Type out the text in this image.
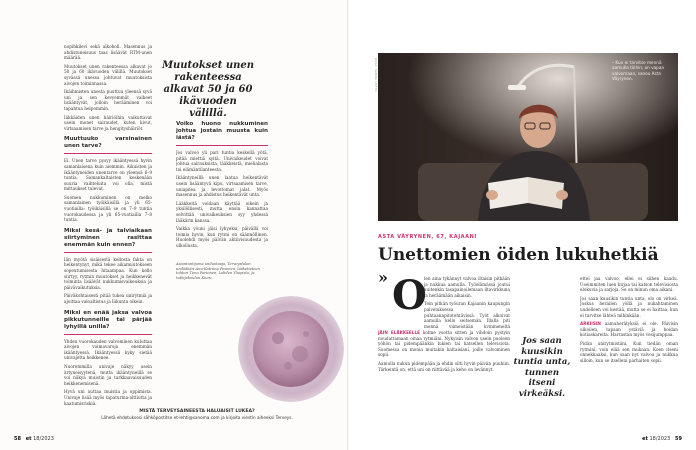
nopihkilevi sekä alkoholi. Masennus ja ahdistuneisuus taas lisäävät RTM-unen määrää.

Muutokset unen rakenteessa alkavat jo 50 ja 60 ikävuoden välillä. Muutokset syvässä unessa johtuvat muutoksista aivojen toiminnassa.

Ikäihmisten unesta puuttuu yleensä syvä uni ja sen kevyemmät vaiheet lisääntyvät, jolloin herääminen voi tapahtua helpommin.

Iäkkäiden unen häiriöihin vaikuttavat usein monet sairaudet, kuten kivut, virtsaamisen tarve ja hengityshäiriöt.

Muuttuuko varsinainen unen tarve?

Ei. Unen tarve pysyy ikääntyessä hyvin samanlaisena kuin aiemmin. Aikuisten ja ikääntyneiden unentarve on yleensä 6–9 tuntia. Samankaltaisten keskenään suuria vaihteluita voi olla, mistä mittaukset tulevat.

Suomen nukkuminen on melko samanlainen työikäisillä ja yli 65-vuotiailla: työikäisillä se on 7–9 tuntia vuorokaudessa ja yli 65-vuotiailla 7–8 tuntia.

Miksi kesä- ja talviaikaan siirtyminen rasittaa enemmän kuin ennen?

Iän myötä sisäisestä kellosta fakta on heikentynyt, mikä tekee aikamuutokseen sopeutumisesta hitaampaa. Kun kello siirtyy, rytmin muutokset ja heikkenevät toiminta lisäävät nukkumisvaikeuksia ja päivävaikutuksia.

Päiväkohtaisesti pitää tukea unirytmiä ja ajoittaa valoaltistus ja liikunta oikein.

Miksi en enää jaksa valvoa pikkutunneille tai pärjää lyhyillä unilla?

Yhden vuorokauden valvominen kuluttaa aivojen voimavaroja enemmän ikääntyessä. Ikääntyessä kyky sietää univajetta heikkenee.

Nuoremmilla univaje näkyy usein ärtyneisyytenä, mutta ikääntyneillä se voi näkyä muistin ja tarkkaavaisuuden heikkenemisenä.

Hyvä uni auttaa muistia ja oppimista. Univaje lisää myös tapaturma-alttiutta ja kaatumisriskiä.

Muutokset unen rakenteessa alkavat 50 ja 60 ikävuoden välillä.
Voiko huono nukkuminen johtua jostain muusta kuin iästä?

Jos valvoo yli pari tuntia keskellä yötä, pitää miettiä syitä. Univaikeudet voivat johtua sairauksista, lääkkeistä, mielialasta tai elämäntilanteesta.

Ikääntyneillä unen laatua heikentävät usein lisääntyvä kipu, virtsaamisen tarve, uniapnea ja levottomat jalat. Myös masennus ja ahdistus heikentävät unta.

Lääkkeitä voidaan käyttää oikein ja yksilöllisesti, mutta ensin kannattaa selvittää univaikeuksien syy yhdessä lääkärin kanssa.

Vaikka yöuni jäisi lyhyeksi, päivällä voi toimia hyvin, kun rytmi on säännöllinen. Huolehdi myös päivän aktiivisuudesta ja ulkoilusta.

Asiantuntijoina uniluotaaja, Terveystalon unilääkäri Anu-Katriina Pesonen, lääketieteen tohtori Timo Partonen, Lahden Yliopisto, ja tutkijakoulun Kiuru.
MISTÄ TERVEYSAINEESTA HALUAISIT LUKEA?
Lähetä ehdotuksesi sähköpostitse et-lehti@sanoma.com ja kirjoita viestin aiheeksi Terveys.
58 et 18/2023
KUVA: SANNA LEHTO	– Kun ei tarvitse mennä aamulla töihin, on vapaa valvomaan, sanoo Asta Väyrynen.
ASTA VÄYRYNEN, 67, KAJAANI
Unettomien öiden lukuhetkiä
» O

len aina tykännyt valvoa iltaisin pitkään ja nukkua aamulla. Työelämässä joutui kuitenkin tasapainoilemaan iltavirkkuna ja heräämään aikaisin.

Tein pitkän työuran Kajaanin kaupungin palveluksessa ja puhtaanapitotehtävissä. Työt alkoivat aamulla kello seitsemän. Illalla piti mennä viimeistään kymmeneltä

JÄIN ELÄKKEELLE kolme vuotta sitten ja vihdoin pystyin noudattamaan omaa rytmiäni. Nykyisin valvon usein puoleen yöhön tai pidempäänkin lukien tai katsellen televisiota. Suomessa on monia muitakin kaltaisiani, joille valvominen sopii.

Aamulla nukun pidempään ja ehdin silti hyvin päivän puuhiin. Tärkeintä on, että uni on riittävää ja keho on levännyt.

Jos saan kuusikin tuntia unta, tunnen itseni virkeäksi.

ettei jaa valvoo, ellei ei siihen kaadu. Useimmiten luen kirjaa tai katson televisiosta elokuvia ja sarjoja. Se on minun oma aikani.

Jos saan kuusikin tuntia unta, olo on virkeä. Joskus heräilen yöllä ja nukahtaminen uudelleen voi kestää, mutta se ei haittaa, kun ei tarvitse lähteä mihinkään.

ARKIISIN aamuherätyksiä ei ole. Päivisin ulkoilen, tapaan ystäviä ja hoidan kotiaskareita. Harrastan myös vesijumppaa.

Pidän unirytmistäni. Kun tiedän oman rytmini, voin elää sen mukaan. Koen itseni onnekkaaksi, kun saan nyt valvoa ja nukkua silloin, kun se itselleni parhaiten sopii.

et 18/2023 59
